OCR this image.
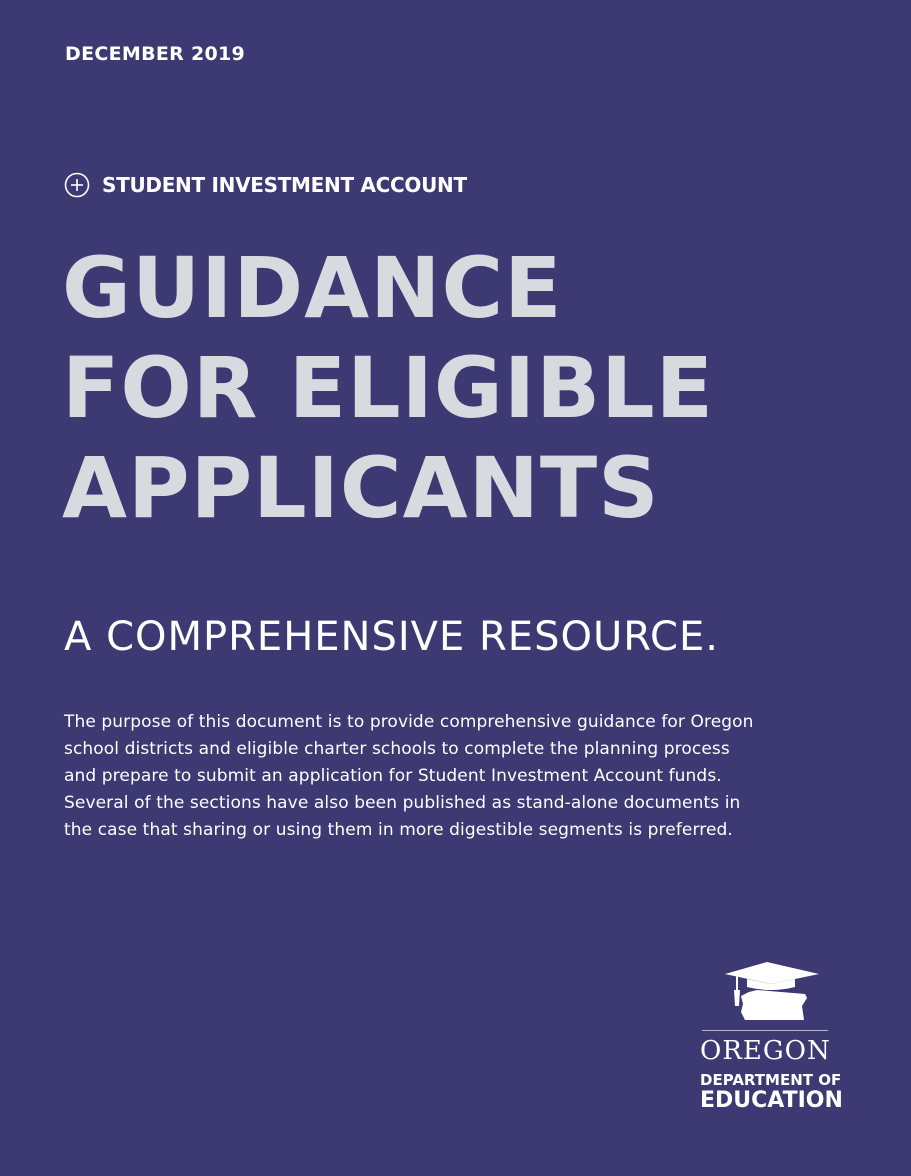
DECEMBER 2019
STUDENT INVESTMENT ACCOUNT
GUIDANCE
FOR ELIGIBLE
APPLICANTS
A COMPREHENSIVE RESOURCE.

The purpose of this document is to provide comprehensive guidance for Oregon school districts and eligible charter schools to complete the planning process and prepare to submit an application for Student Investment Account funds. Several of the sections have also been published as stand-alone documents in the case that sharing or using them in more digestible segments is preferred.

OREGON
DEPARTMENT OF
EDUCATION
